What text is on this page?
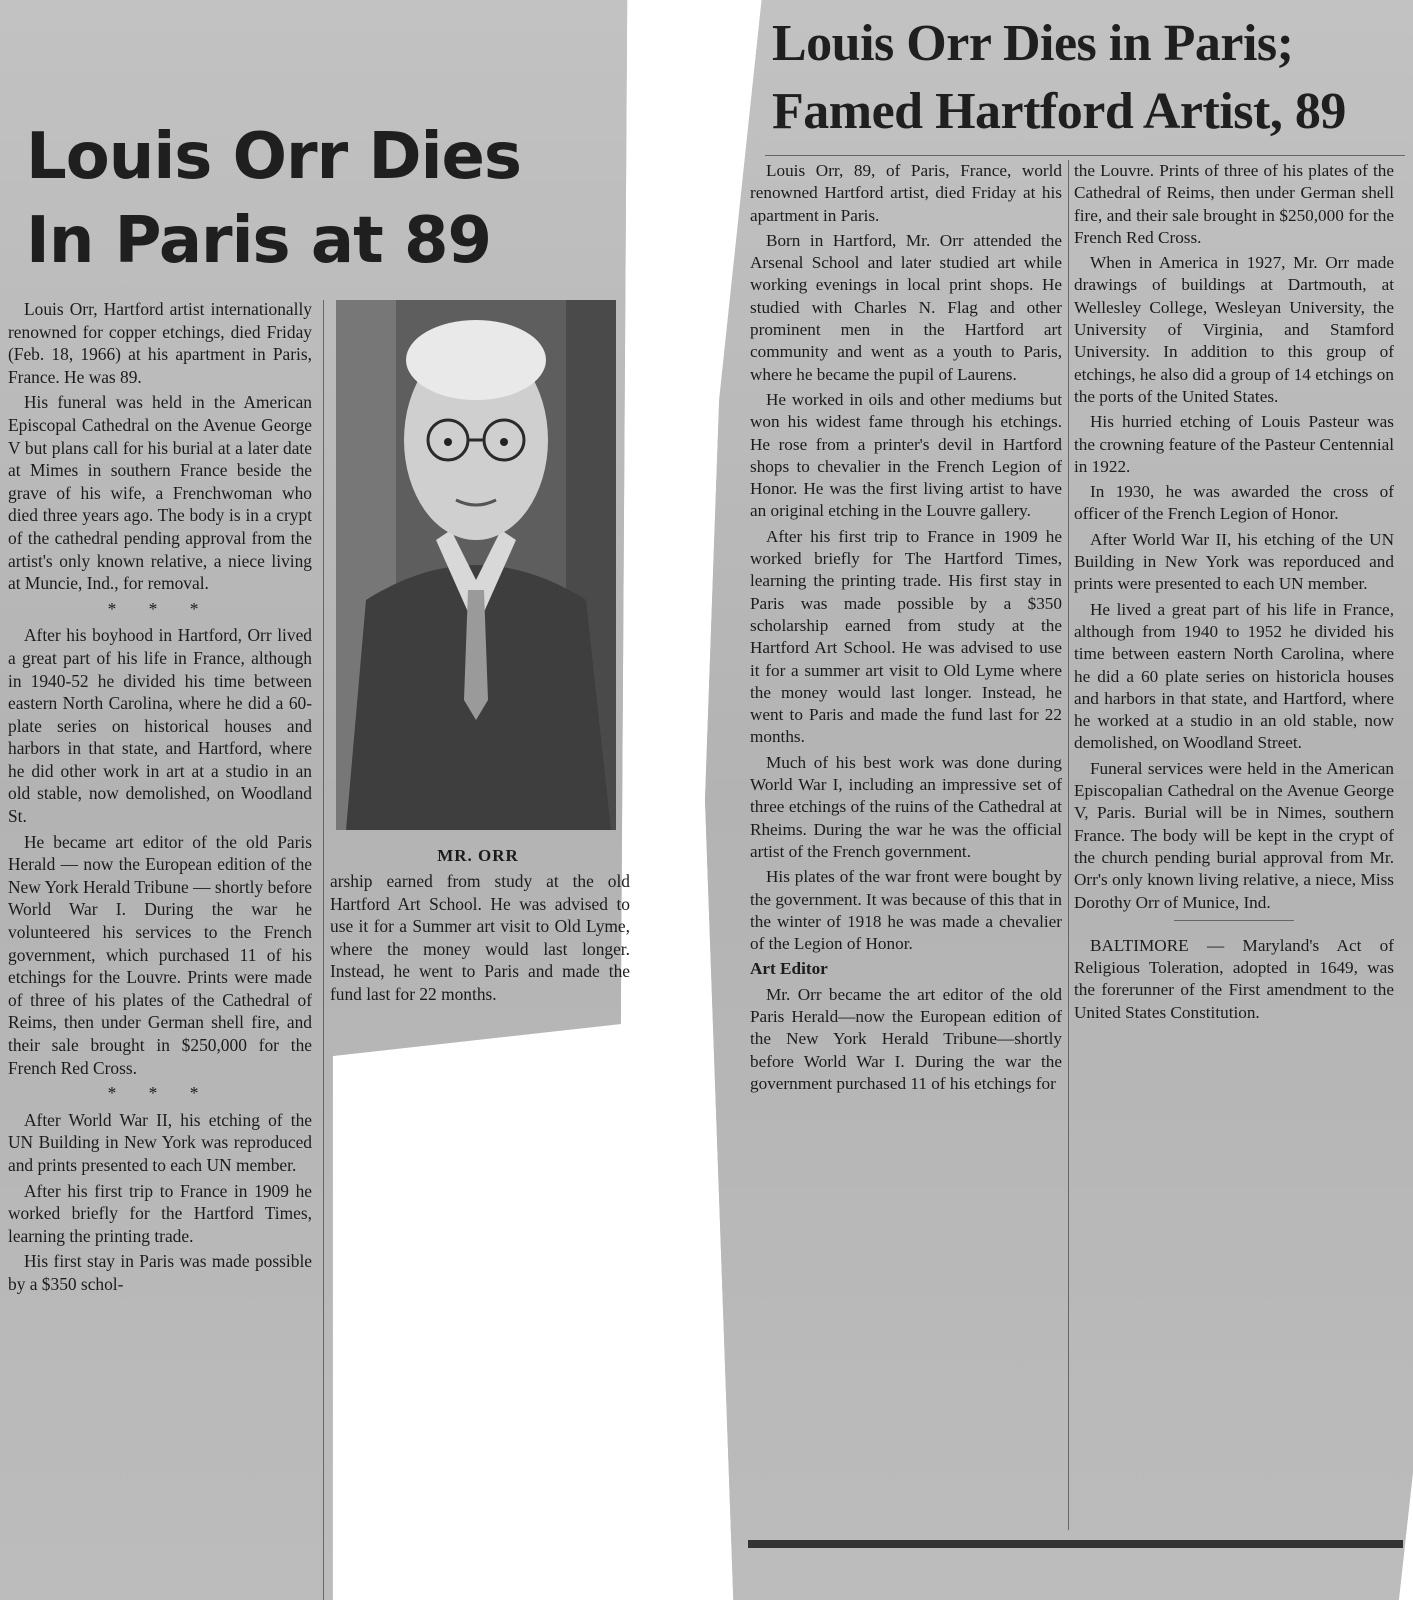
Louis Orr Dies
In Paris at 89

Louis Orr, Hartford artist internationally renowned for copper etchings, died Friday (Feb. 18, 1966) at his apartment in Paris, France. He was 89.

His funeral was held in the American Episcopal Cathedral on the Avenue George V but plans call for his burial at a later date at Mimes in southern France beside the grave of his wife, a Frenchwoman who died three years ago. The body is in a crypt of the cathedral pending approval from the artist's only known relative, a niece living at Muncie, Ind., for removal.

* * *

After his boyhood in Hartford, Orr lived a great part of his life in France, although in 1940-52 he divided his time between eastern North Carolina, where he did a 60-plate series on historical houses and harbors in that state, and Hartford, where he did other work in art at a studio in an old stable, now demolished, on Woodland St.

He became art editor of the old Paris Herald — now the European edition of the New York Herald Tribune — shortly before World War I. During the war he volunteered his services to the French government, which purchased 11 of his etchings for the Louvre. Prints were made of three of his plates of the Cathedral of Reims, then under German shell fire, and their sale brought in $250,000 for the French Red Cross.

* * *

After World War II, his etching of the UN Building in New York was reproduced and prints presented to each UN member.

After his first trip to France in 1909 he worked briefly for the Hartford Times, learning the printing trade.

His first stay in Paris was made possible by a $350 schol-

MR. ORR

arship earned from study at the old Hartford Art School. He was advised to use it for a Summer art visit to Old Lyme, where the money would last longer. Instead, he went to Paris and made the fund last for 22 months.

Louis Orr Dies in Paris;
Famed Hartford Artist, 89

Louis Orr, 89, of Paris, France, world renowned Hartford artist, died Friday at his apartment in Paris.

Born in Hartford, Mr. Orr attended the Arsenal School and later studied art while working evenings in local print shops. He studied with Charles N. Flag and other prominent men in the Hartford art community and went as a youth to Paris, where he became the pupil of Laurens.

He worked in oils and other mediums but won his widest fame through his etchings. He rose from a printer's devil in Hartford shops to chevalier in the French Legion of Honor. He was the first living artist to have an original etching in the Louvre gallery.

After his first trip to France in 1909 he worked briefly for The Hartford Times, learning the printing trade. His first stay in Paris was made possible by a $350 scholarship earned from study at the Hartford Art School. He was advised to use it for a summer art visit to Old Lyme where the money would last longer. Instead, he went to Paris and made the fund last for 22 months.

Much of his best work was done during World War I, including an impressive set of three etchings of the ruins of the Cathedral at Rheims. During the war he was the official artist of the French government.

His plates of the war front were bought by the government. It was because of this that in the winter of 1918 he was made a chevalier of the Legion of Honor.

Art Editor

Mr. Orr became the art editor of the old Paris Herald—now the European edition of the New York Herald Tribune—shortly before World War I. During the war the government purchased 11 of his etchings for

the Louvre. Prints of three of his plates of the Cathedral of Reims, then under German shell fire, and their sale brought in $250,000 for the French Red Cross.

When in America in 1927, Mr. Orr made drawings of buildings at Dartmouth, at Wellesley College, Wesleyan University, the University of Virginia, and Stamford University. In addition to this group of etchings, he also did a group of 14 etchings on the ports of the United States.

His hurried etching of Louis Pasteur was the crowning feature of the Pasteur Centennial in 1922.

In 1930, he was awarded the cross of officer of the French Legion of Honor.

After World War II, his etching of the UN Building in New York was reporduced and prints were presented to each UN member.

He lived a great part of his life in France, although from 1940 to 1952 he divided his time between eastern North Carolina, where he did a 60 plate series on historicla houses and harbors in that state, and Hartford, where he worked at a studio in an old stable, now demolished, on Woodland Street.

Funeral services were held in the American Episcopalian Cathedral on the Avenue George V, Paris. Burial will be in Nimes, southern France. The body will be kept in the crypt of the church pending burial approval from Mr. Orr's only known living relative, a niece, Miss Dorothy Orr of Munice, Ind.

BALTIMORE — Maryland's Act of Religious Toleration, adopted in 1649, was the forerunner of the First amendment to the United States Constitution.
